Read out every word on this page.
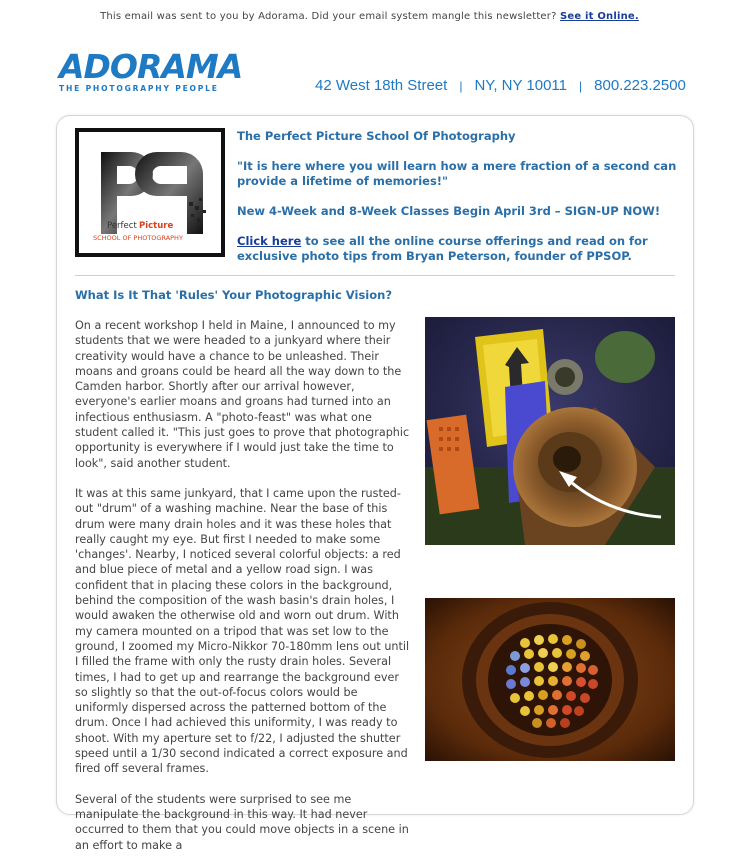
This email was sent to you by Adorama. Did your email system mangle this newsletter? See it Online.
ADORAMA
THE PHOTOGRAPHY PEOPLE	42 West 18th Street | NY, NY 10011 | 800.223.2500
Perfect Picture
SCHOOL OF PHOTOGRAPHY

The Perfect Picture School Of Photography

"It is here where you will learn how a mere fraction of a second can provide a lifetime of memories!"

New 4-Week and 8-Week Classes Begin April 3rd – SIGN-UP NOW!

Click here to see all the online course offerings and read on for exclusive photo tips from Bryan Peterson, founder of PPSOP.

What Is It That 'Rules' Your Photographic Vision?

On a recent workshop I held in Maine, I announced to my students that we were headed to a junkyard where their creativity would have a chance to be unleashed. Their moans and groans could be heard all the way down to the Camden harbor. Shortly after our arrival however, everyone's earlier moans and groans had turned into an infectious enthusiasm. A "photo-feast" was what one student called it. "This just goes to prove that photographic opportunity is everywhere if I would just take the time to look", said another student.

It was at this same junkyard, that I came upon the rusted-out "drum" of a washing machine. Near the base of this drum were many drain holes and it was these holes that really caught my eye. But first I needed to make some 'changes'. Nearby, I noticed several colorful objects: a red and blue piece of metal and a yellow road sign. I was confident that in placing these colors in the background, behind the composition of the wash basin's drain holes, I would awaken the otherwise old and worn out drum. With my camera mounted on a tripod that was set low to the ground, I zoomed my Micro-Nikkor 70-180mm lens out until I filled the frame with only the rusty drain holes. Several times, I had to get up and rearrange the background ever so slightly so that the out-of-focus colors would be uniformly dispersed across the patterned bottom of the drum. Once I had achieved this uniformity, I was ready to shoot. With my aperture set to f/22, I adjusted the shutter speed until a 1/30 second indicated a correct exposure and fired off several frames.

Several of the students were surprised to see me manipulate the background in this way. It had never occurred to them that you could move objects in a scene in an effort to make a
